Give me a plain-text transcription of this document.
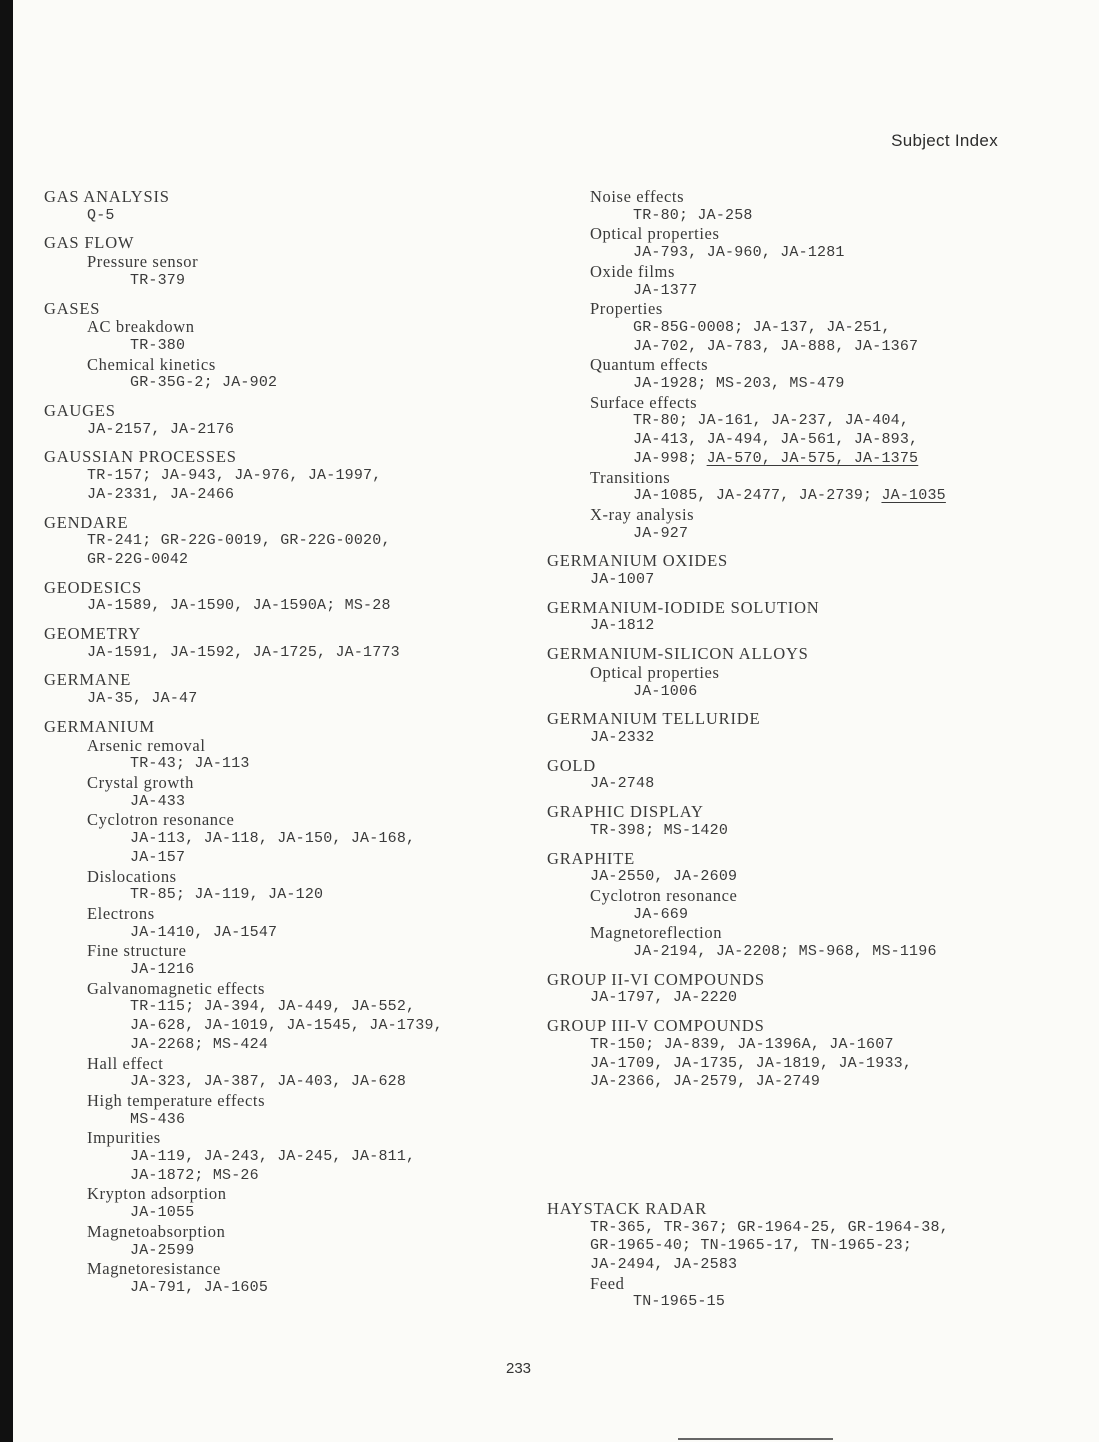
Subject Index
GAS ANALYSIS
Q-5
GAS FLOW
Pressure sensor
TR-379
GASES
AC breakdown
TR-380
Chemical kinetics
GR-35G-2; JA-902
GAUGES
JA-2157, JA-2176
GAUSSIAN PROCESSES
TR-157; JA-943, JA-976, JA-1997,
JA-2331, JA-2466
GENDARE
TR-241; GR-22G-0019, GR-22G-0020,
GR-22G-0042
GEODESICS
JA-1589, JA-1590, JA-1590A; MS-28
GEOMETRY
JA-1591, JA-1592, JA-1725, JA-1773
GERMANE
JA-35, JA-47
GERMANIUM
Arsenic removal
TR-43; JA-113
Crystal growth
JA-433
Cyclotron resonance
JA-113, JA-118, JA-150, JA-168,
JA-157
Dislocations
TR-85; JA-119, JA-120
Electrons
JA-1410, JA-1547
Fine structure
JA-1216
Galvanomagnetic effects
TR-115; JA-394, JA-449, JA-552,
JA-628, JA-1019, JA-1545, JA-1739,
JA-2268; MS-424
Hall effect
JA-323, JA-387, JA-403, JA-628
High temperature effects
MS-436
Impurities
JA-119, JA-243, JA-245, JA-811,
JA-1872; MS-26
Krypton adsorption
JA-1055
Magnetoabsorption
JA-2599
Magnetoresistance
JA-791, JA-1605
Noise effects
TR-80; JA-258
Optical properties
JA-793, JA-960, JA-1281
Oxide films
JA-1377
Properties
GR-85G-0008; JA-137, JA-251,
JA-702, JA-783, JA-888, JA-1367
Quantum effects
JA-1928; MS-203, MS-479
Surface effects
TR-80; JA-161, JA-237, JA-404,
JA-413, JA-494, JA-561, JA-893,
JA-998; JA-570, JA-575, JA-1375
Transitions
JA-1085, JA-2477, JA-2739; JA-1035
X-ray analysis
JA-927
GERMANIUM OXIDES
JA-1007
GERMANIUM-IODIDE SOLUTION
JA-1812
GERMANIUM-SILICON ALLOYS
Optical properties
JA-1006
GERMANIUM TELLURIDE
JA-2332
GOLD
JA-2748
GRAPHIC DISPLAY
TR-398; MS-1420
GRAPHITE
JA-2550, JA-2609
Cyclotron resonance
JA-669
Magnetoreflection
JA-2194, JA-2208; MS-968, MS-1196
GROUP II-VI COMPOUNDS
JA-1797, JA-2220
GROUP III-V COMPOUNDS
TR-150; JA-839, JA-1396A, JA-1607
JA-1709, JA-1735, JA-1819, JA-1933,
JA-2366, JA-2579, JA-2749
HAYSTACK RADAR
TR-365, TR-367; GR-1964-25, GR-1964-38,
GR-1965-40; TN-1965-17, TN-1965-23;
JA-2494, JA-2583
Feed
TN-1965-15
233
